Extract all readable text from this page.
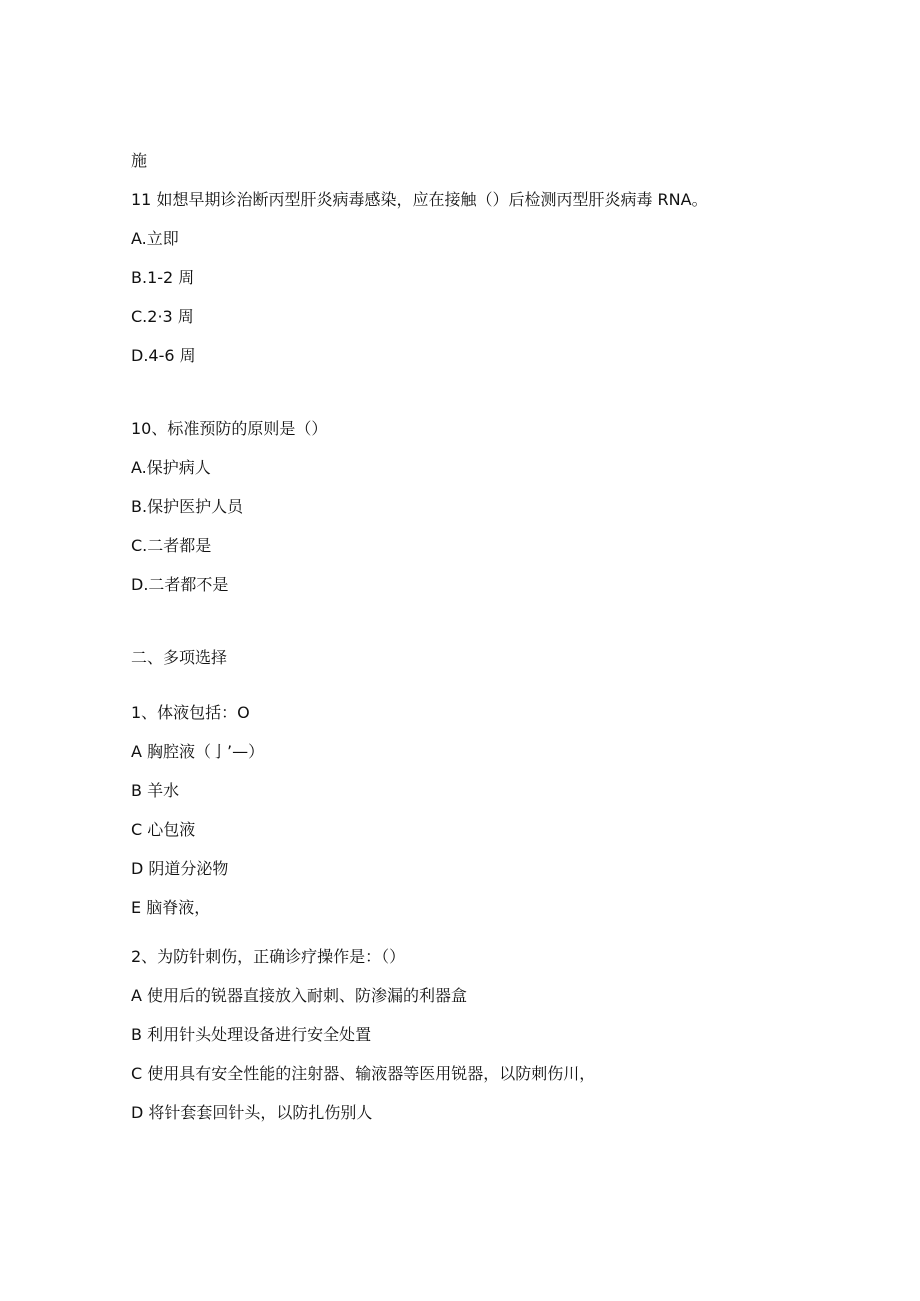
施

11 如想早期诊治断丙型肝炎病毒感染，应在接触（）后检测丙型肝炎病毒 RNA。

A.立即

B.1-2 周

C.2·3 周

D.4-6 周

10、标准预防的原则是（）

A.保护病人

B.保护医护人员

C.二者都是

D.二者都不是

二、多项选择

1、体液包括：O

A 胸腔液（亅’—）

B 羊水

C 心包液

D 阴道分泌物

E 脑脊液，

2、为防针刺伤，正确诊疗操作是：（）

A 使用后的锐器直接放入耐刺、防渗漏的利器盒

B 利用针头处理设备进行安全处置

C 使用具有安全性能的注射器、输液器等医用锐器，以防刺伤川，

D 将针套套回针头，以防扎伤别人
